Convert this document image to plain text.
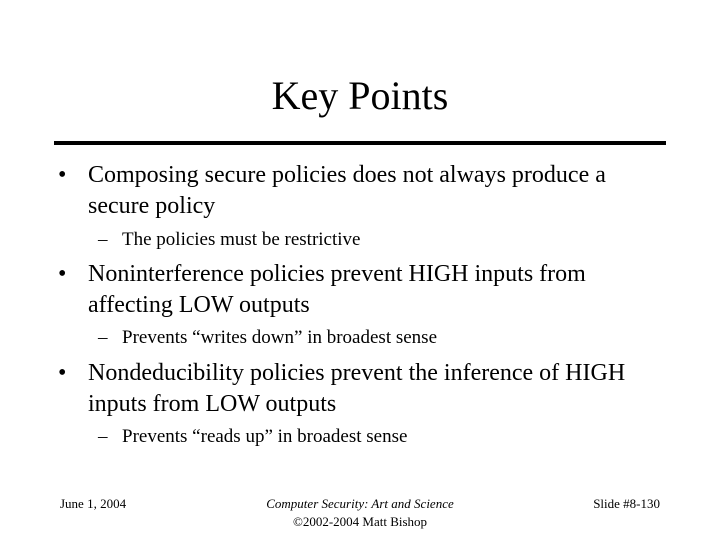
Key Points
• Composing secure policies does not always produce a secure policy
– The policies must be restrictive
• Noninterference policies prevent HIGH inputs from affecting LOW outputs
– Prevents “writes down” in broadest sense
• Nondeducibility policies prevent the inference of HIGH inputs from LOW outputs
– Prevents “reads up” in broadest sense
June 1, 2004	Computer Security: Art and Science
©2002-2004 Matt Bishop
Slide #8-130
